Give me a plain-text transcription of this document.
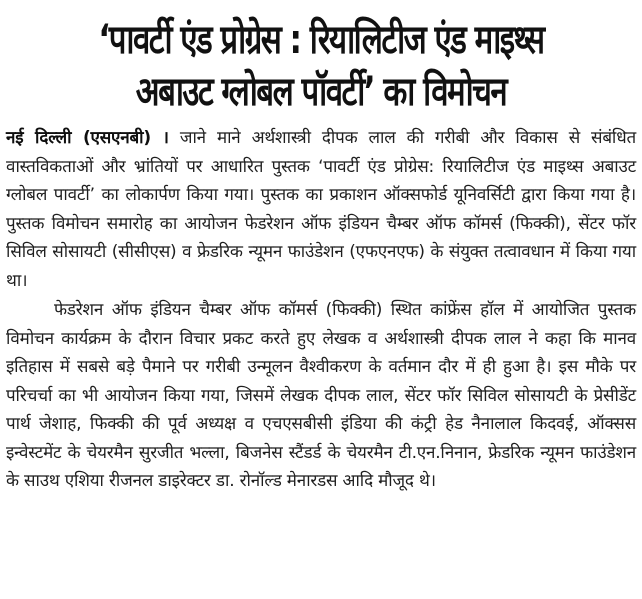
‘पावर्टी एंड प्रोग्रेस : रियालिटीज एंड माइथ्स
अबाउट ग्लोबल पॉवर्टी’ का विमोचन

नई दिल्ली (एसएनबी) । जाने माने अर्थशास्त्री दीपक लाल की गरीबी और विकास से संबंधित वास्तविकताओं और भ्रांतियों पर आधारित पुस्तक ‘पावर्टी एंड प्रोग्रेस: रियालिटीज एंड माइथ्स अबाउट ग्लोबल पावर्टी’ का लोकार्पण किया गया। पुस्तक का प्रकाशन ऑक्सफोर्ड यूनिवर्सिटी द्वारा किया गया है। पुस्तक विमोचन समारोह का आयोजन फेडरेशन ऑफ इंडियन चैम्बर ऑफ कॉमर्स (फिक्की), सेंटर फॉर सिविल सोसायटी (सीसीएस) व फ्रेडरिक न्यूमन फाउंडेशन (एफएनएफ) के संयुक्त तत्वावधान में किया गया था।

फेडरेशन ऑफ इंडियन चैम्बर ऑफ कॉमर्स (फिक्की) स्थित कांफ्रेंस हॉल में आयोजित पुस्तक विमोचन कार्यक्रम के दौरान विचार प्रकट करते हुए लेखक व अर्थशास्त्री दीपक लाल ने कहा कि मानव इतिहास में सबसे बड़े पैमाने पर गरीबी उन्मूलन वैश्वीकरण के वर्तमान दौर में ही हुआ है। इस मौके पर परिचर्चा का भी आयोजन किया गया, जिसमें लेखक दीपक लाल, सेंटर फॉर सिविल सोसायटी के प्रेसीडेंट पार्थ जेशाह, फिक्की की पूर्व अध्यक्ष व एचएसबीसी इंडिया की कंट्री हेड नैनालाल किदवई, ऑक्सस इन्वेस्टमेंट के चेयरमैन सुरजीत भल्ला, बिजनेस स्टैंडर्ड के चेयरमैन टी.एन.निनान, फ्रेडरिक न्यूमन फाउंडेशन के साउथ एशिया रीजनल डाइरेक्टर डा. रोनॉल्ड मेनारडस आदि मौजूद थे।
